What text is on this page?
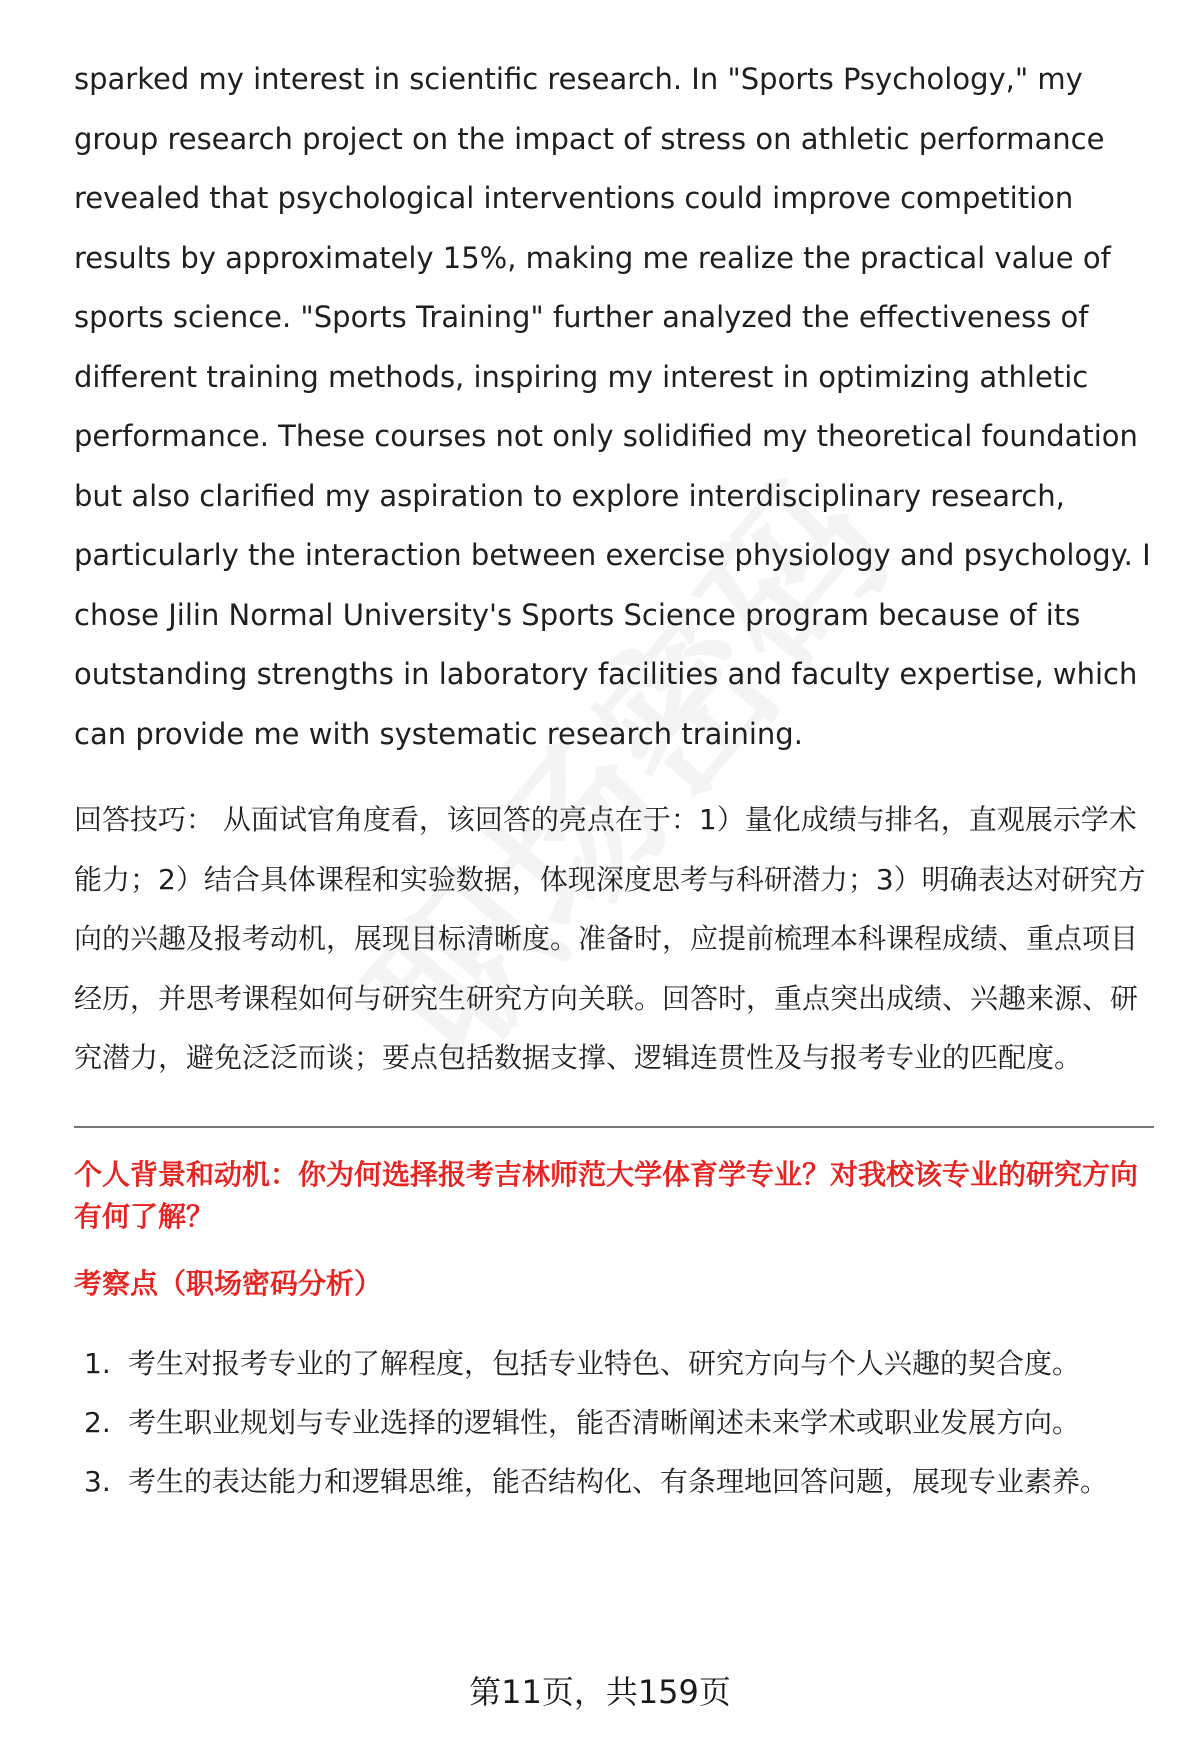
sparked my interest in scientific research. In "Sports Psychology," my group research project on the impact of stress on athletic performance revealed that psychological interventions could improve competition results by approximately 15%, making me realize the practical value of sports science. "Sports Training" further analyzed the effectiveness of different training methods, inspiring my interest in optimizing athletic performance. These courses not only solidified my theoretical foundation but also clarified my aspiration to explore interdisciplinary research, particularly the interaction between exercise physiology and psychology. I chose Jilin Normal University's Sports Science program because of its outstanding strengths in laboratory facilities and faculty expertise, which can provide me with systematic research training.

回答技巧： 从面试官角度看，该回答的亮点在于：1）量化成绩与排名，直观展示学术能力；2）结合具体课程和实验数据，体现深度思考与科研潜力；3）明确表达对研究方向的兴趣及报考动机，展现目标清晰度。准备时，应提前梳理本科课程成绩、重点项目经历，并思考课程如何与研究生研究方向关联。回答时，重点突出成绩、兴趣来源、研究潜力，避免泛泛而谈；要点包括数据支撑、逻辑连贯性及与报考专业的匹配度。

个人背景和动机：你为何选择报考吉林师范大学体育学专业？对我校该专业的研究方向有何了解？

考察点（职场密码分析）

1. 考生对报考专业的了解程度，包括专业特色、研究方向与个人兴趣的契合度。
2. 考生职业规划与专业选择的逻辑性，能否清晰阐述未来学术或职业发展方向。
3. 考生的表达能力和逻辑思维，能否结构化、有条理地回答问题，展现专业素养。
第11页，共159页
